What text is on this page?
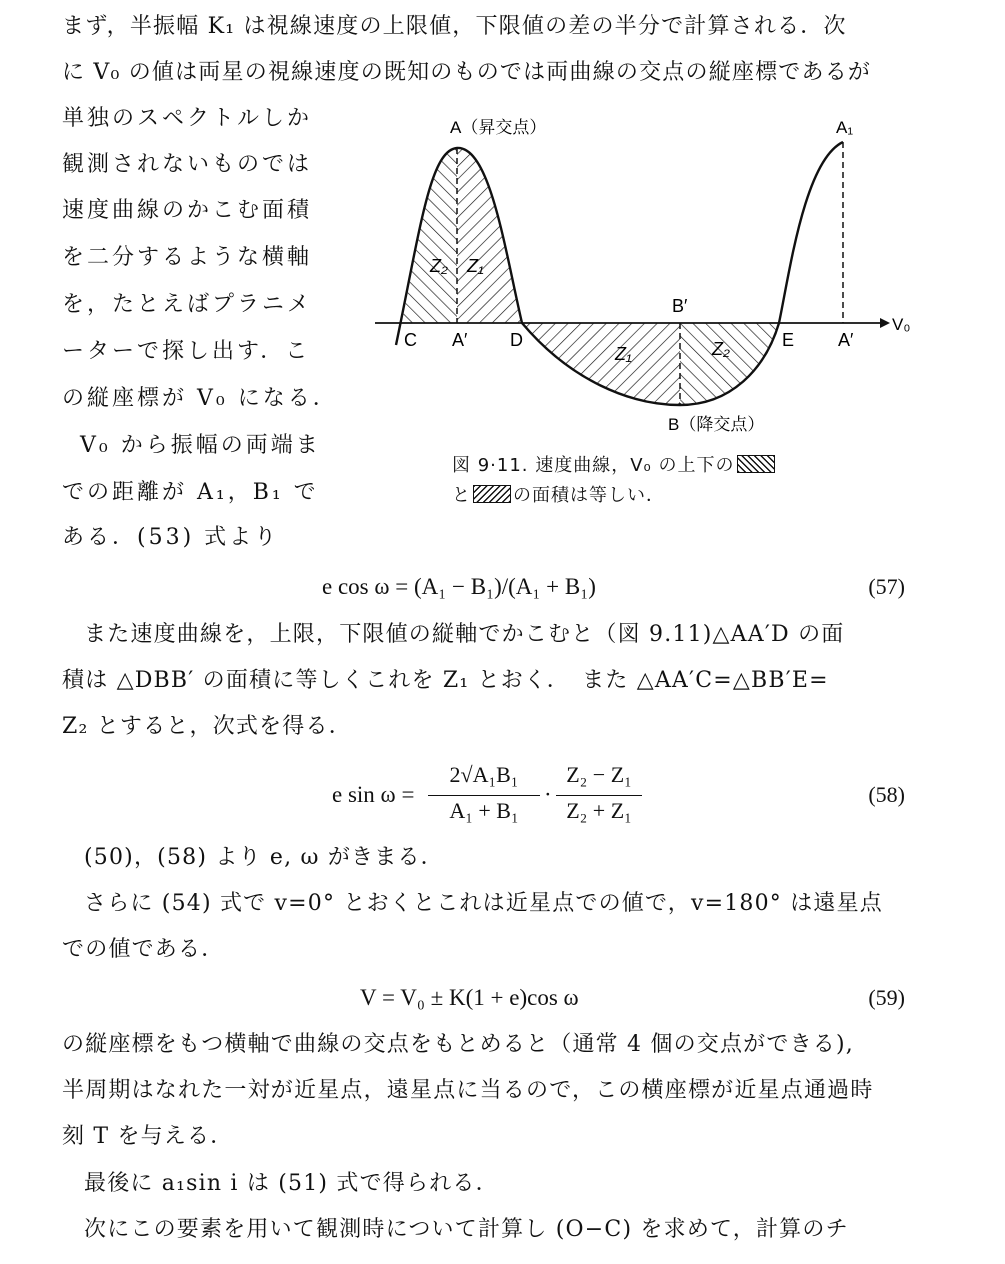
まず，半振幅 K₁ は視線速度の上限値，下限値の差の半分で計算される．次
に V₀ の値は両星の視線速度の既知のものでは両曲線の交点の縦座標であるが
単独のスペクトルしか
観測されないものでは
速度曲線のかこむ面積
を二分するような横軸
を，たとえばプラニメ
ーターで探し出す．こ
の縦座標が V₀ になる．
V₀ から振幅の両端ま
での距離が A₁，B₁ で
ある．(53) 式より
A（昇交点）	A₁
B′
B（降交点）
C A′ D	E A′
V₀
Z₂ Z₁
Z₁	Z₂
図 9·11. 速度曲線，V₀ の上下の
と の面積は等しい．
e cos ω = (A₁ − B₁)/(A₁ + B₁)	(57)
また速度曲線を，上限，下限値の縦軸でかこむと（図 9.11)△AA′D の面
積は △DBB′ の面積に等しくこれを Z₁ とおく．　また △AA′C=△BB′E=
Z₂ とすると，次式を得る．
e sin ω =
2√A₁B₁
A₁ + B₁
·
Z₂ − Z₁
Z₂ + Z₁
(58)
(50)，(58) より e, ω がきまる．
さらに (54) 式で v=0° とおくとこれは近星点での値で，v=180° は遠星点
での値である．
V = V₀ ± K(1 + e)cos ω	(59)
の縦座標をもつ横軸で曲線の交点をもとめると（通常 4 個の交点ができる),
半周期はなれた一対が近星点，遠星点に当るので，この横座標が近星点通過時
刻 T を与える．
最後に a₁sin i は (51) 式で得られる．
次にこの要素を用いて観測時について計算し (O−C) を求めて，計算のチ
